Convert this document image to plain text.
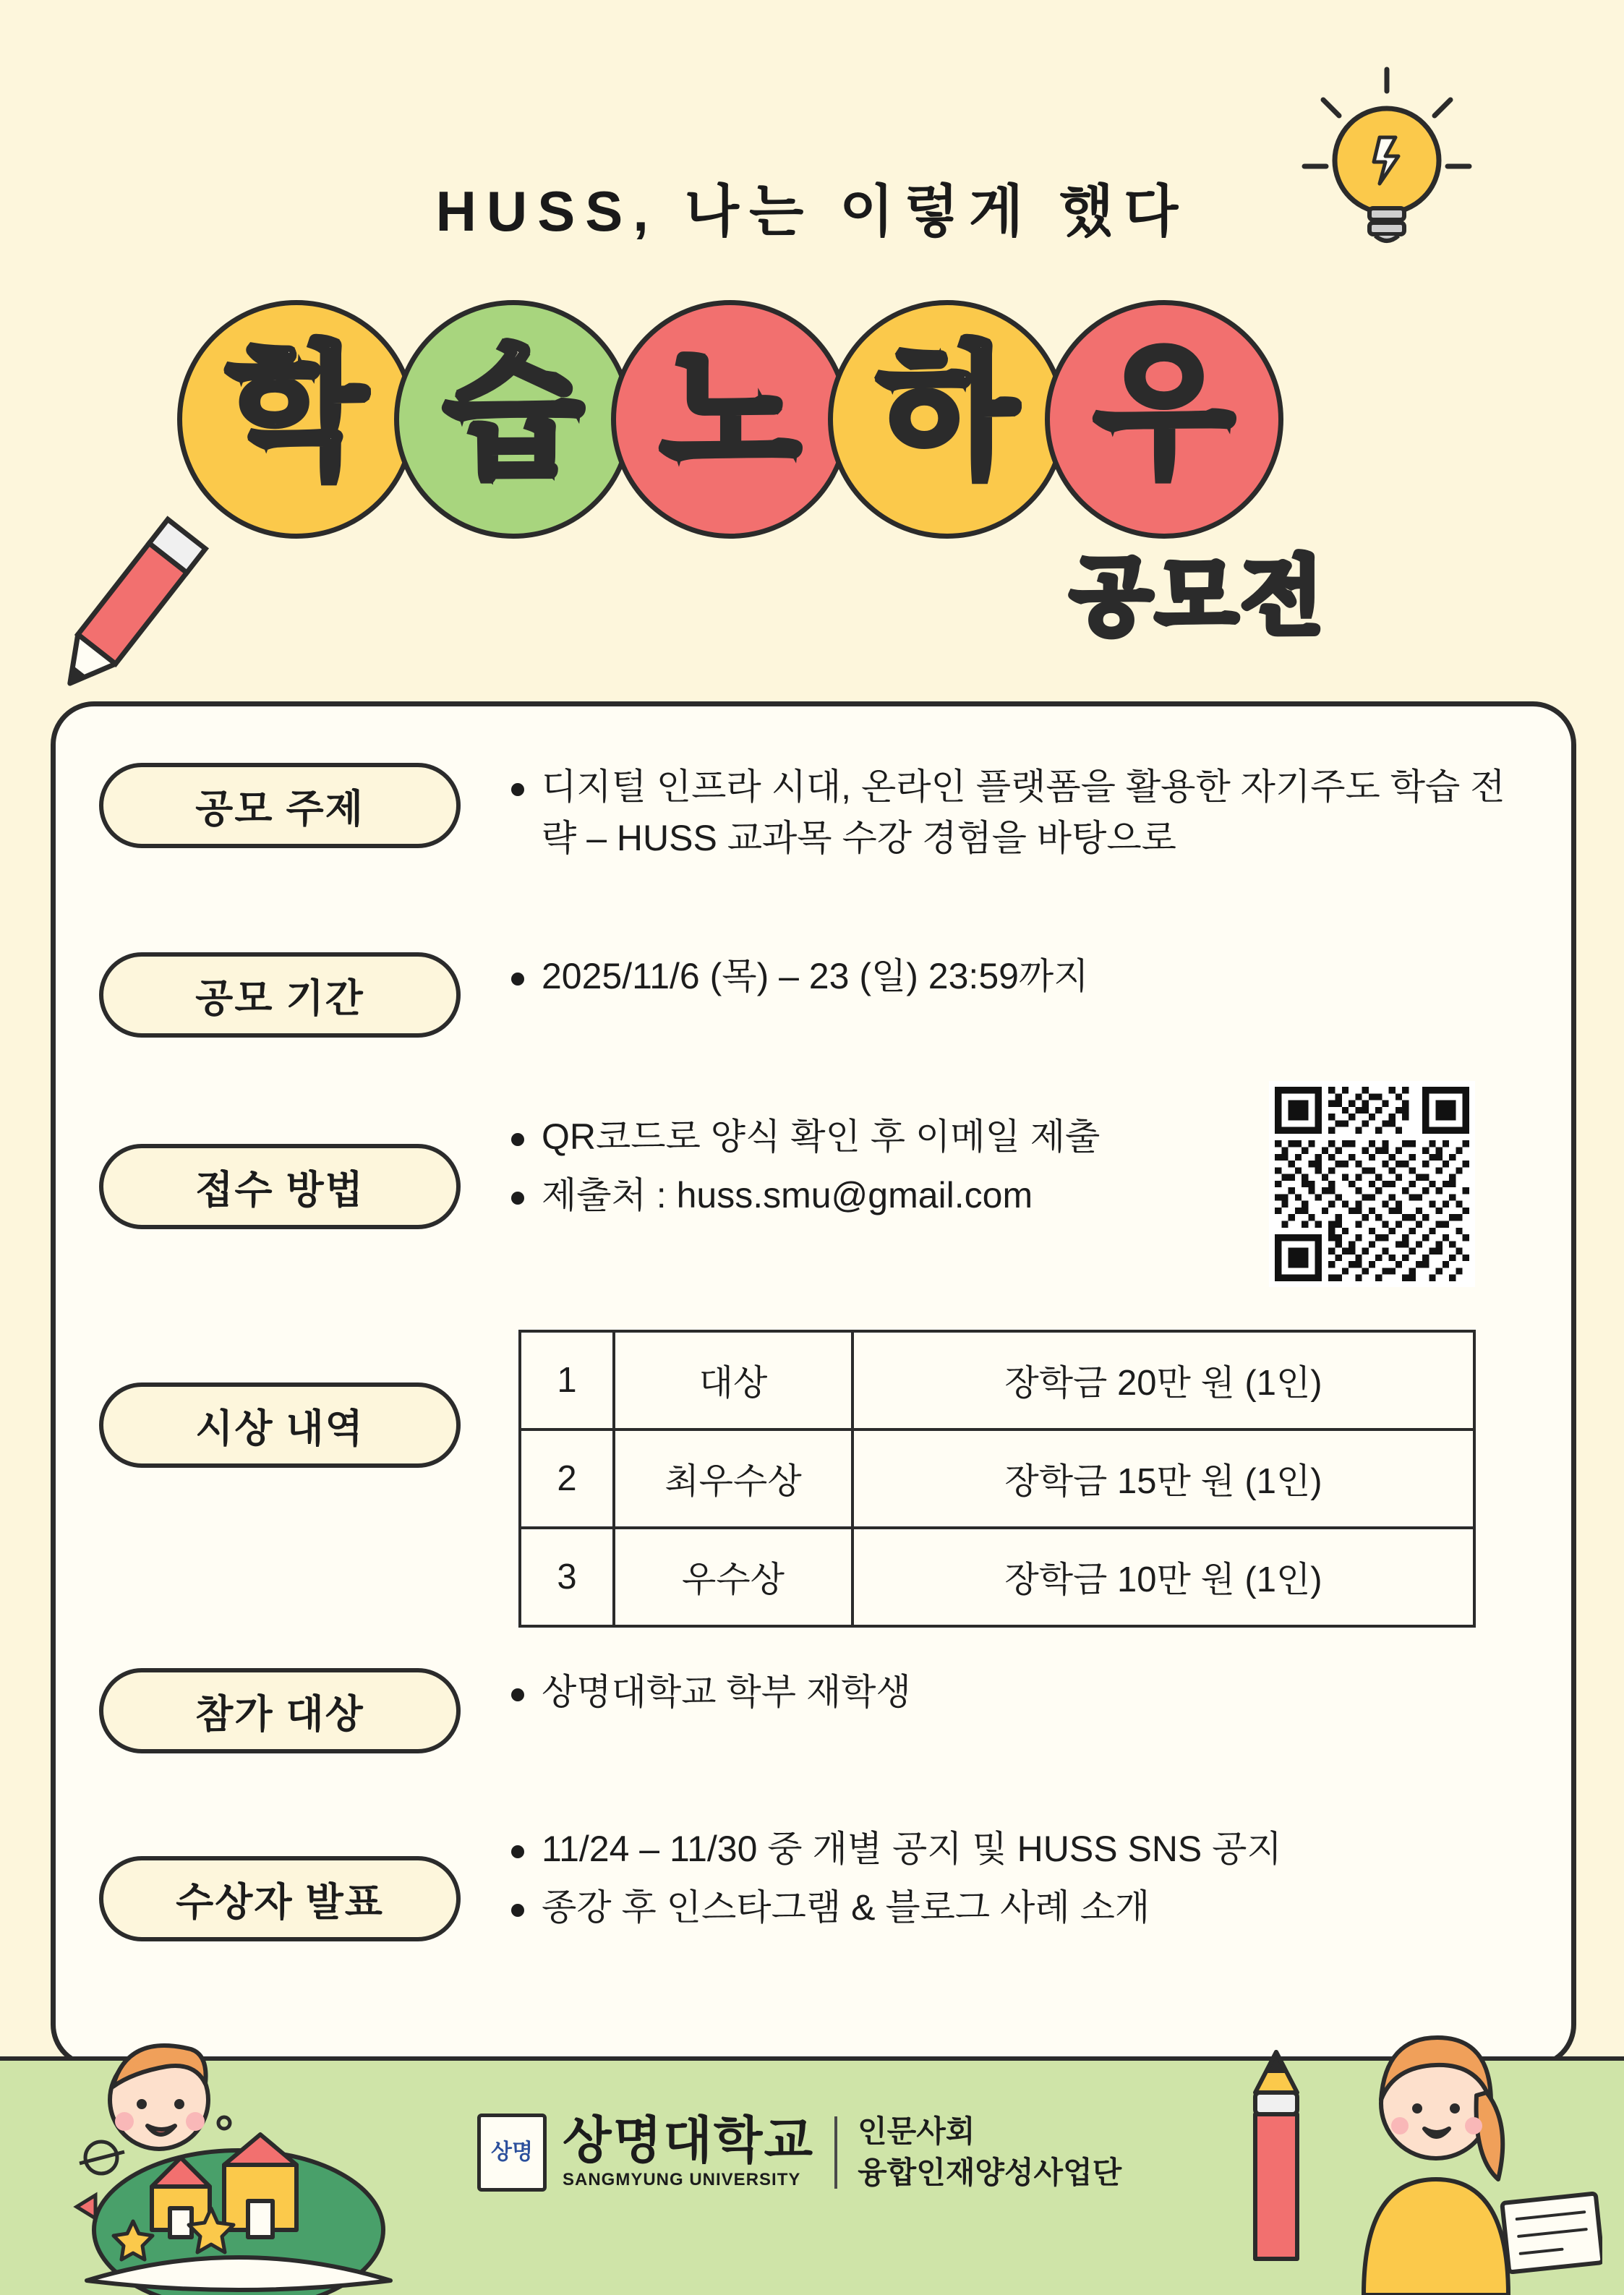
HUSS, 나는 이렇게 했다
학 습 노 하 우
공모전
공모 주제
디지털 인프라 시대, 온라인 플랫폼을 활용한 자기주도 학습 전략 – HUSS 교과목 수강 경험을 바탕으로
공모 기간
2025/11/6 (목) – 23 (일) 23:59까지
접수 방법
QR코드로 양식 확인 후 이메일 제출
제출처 : huss.smu@gmail.com
시상 내역
1	대상	장학금 20만 원 (1인)
2	최우수상	장학금 15만 원 (1인)
3	우수상	장학금 10만 원 (1인)
참가 대상
상명대학교 학부 재학생
수상자 발표
11/24 – 11/30 중 개별 공지 및 HUSS SNS 공지
종강 후 인스타그램 & 블로그 사례 소개
상명 상명대학교
SANGMYUNG UNIVERSITY
인문사회
융합인재양성사업단
